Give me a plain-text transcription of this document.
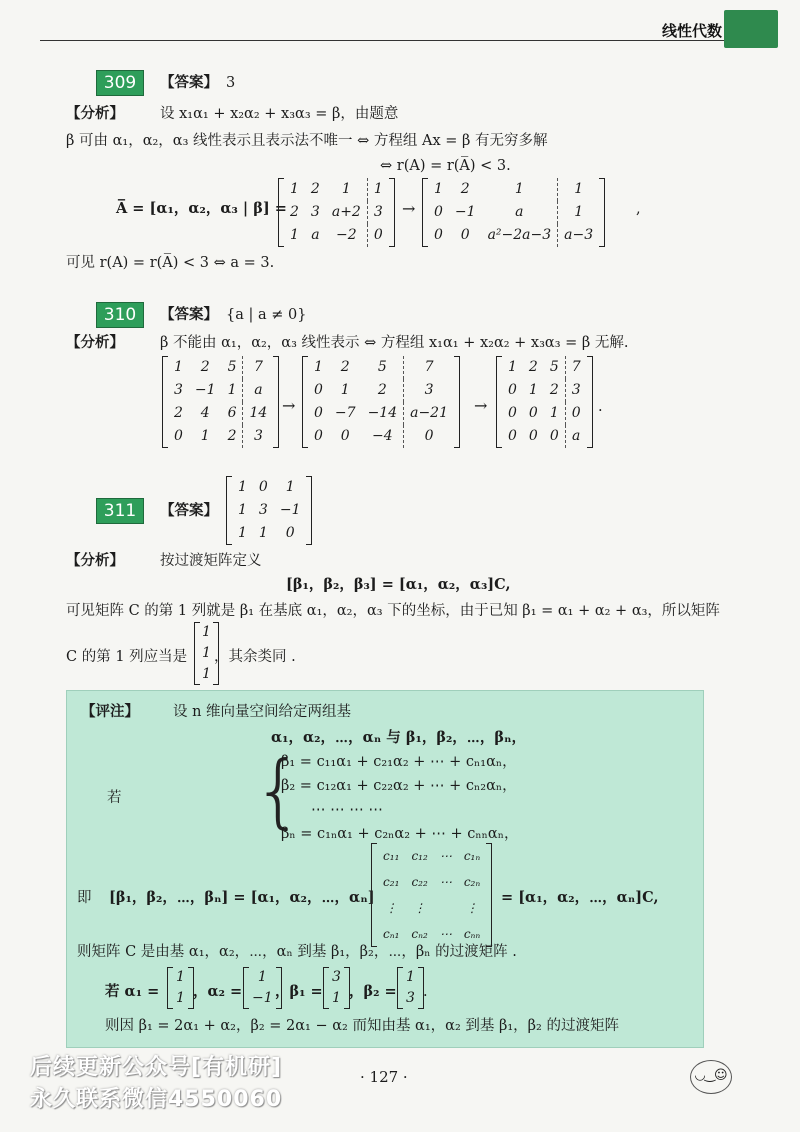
线性代数
309	【答案】 3
【分析】 设 x₁α₁ + x₂α₂ + x₃α₃ = β，由题意
β 可由 α₁，α₂，α₃ 线性表示且表示法不唯一 ⇔ 方程组 Ax = β 有无穷多解
⇔ r(A) = r(A̅) < 3.
A̅ = [α₁，α₂，α₃ | β] =
1 2	1	1
2 3 a+2 3
1 a	−2	0
→
1	2	1	1
0 −1	a	1
0	0	a²−2a−3 a−3
,
可见 r(A) = r(A̅) < 3 ⇔ a = 3.
310	【答案】 {a | a ≠ 0}
【分析】 β 不能由 α₁，α₂，α₃ 线性表示 ⇔ 方程组 x₁α₁ + x₂α₂ + x₃α₃ = β 无解.
1	2	5	7
3 −1 1	a
2	4	6 14
0	1	2	3
→
1	2	5	7
0	1	2	3
0 −7 −14 a−21
0	0	−4	0
→
1 2 5 7
0 1 2 3
0 0 1 0
0 0 0 a
.
311	【答案】
1 0	1
1 3 −1
1 1	0
【分析】 按过渡矩阵定义
[β₁，β₂，β₃] = [α₁，α₂，α₃]C,
可见矩阵 C 的第 1 列就是 β₁ 在基底 α₁，α₂，α₃ 下的坐标，由于已知 β₁ = α₁ + α₂ + α₃，所以矩阵
C 的第 1 列应当是
1
1
1
，其余类同 .
【评注】 设 n 维向量空间给定两组基
α₁，α₂，⋯，αₙ 与 β₁，β₂，⋯，βₙ，
若 {
β₁ = c₁₁α₁ + c₂₁α₂ + ⋯ + cₙ₁αₙ，
β₂ = c₁₂α₁ + c₂₂α₂ + ⋯ + cₙ₂αₙ，
⋯ ⋯ ⋯ ⋯
βₙ = c₁ₙα₁ + c₂ₙα₂ + ⋯ + cₙₙαₙ，
即 [β₁，β₂，⋯，βₙ] = [α₁，α₂，⋯，αₙ]
c₁₁	c₁₂	⋯	c₁ₙ
c₂₁	c₂₂	⋯	c₂ₙ
⋮	⋮	⋮
cₙ₁	cₙ₂	⋯	cₙₙ
= [α₁，α₂，⋯，αₙ]C,
则矩阵 C 是由基 α₁，α₂，⋯，αₙ 到基 β₁，β₂，⋯，βₙ 的过渡矩阵 .
若 α₁ =
1
1 ，α₂ =
1
−1 ，β₁ =
3
1 ，β₂ =
1
3 .
则因 β₁ = 2α₁ + α₂，β₂ = 2α₁ − α₂ 而知由基 α₁，α₂ 到基 β₁，β₂ 的过渡矩阵
· 127 ·
后续更新公众号[有机研]
永久联系微信4550060
◡ ͜ ☺
